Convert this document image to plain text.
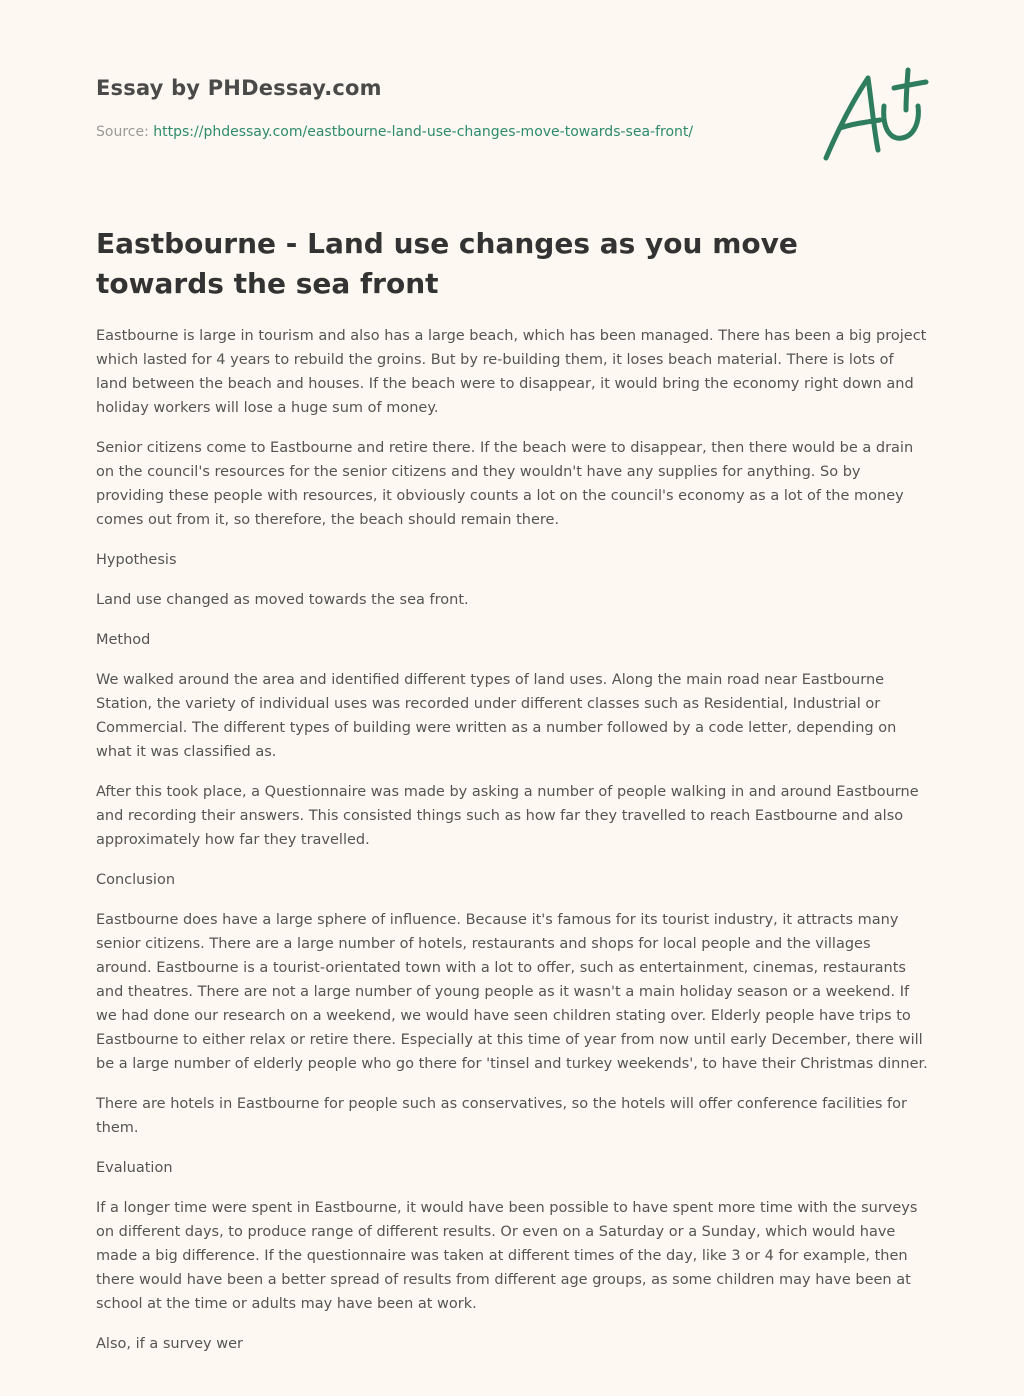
Essay by PHDessay.com

Source: https://phdessay.com/eastbourne-land-use-changes-move-towards-sea-front/

Eastbourne - Land use changes as you move towards the sea front

Eastbourne is large in tourism and also has a large beach, which has been managed. There has been a big project which lasted for 4 years to rebuild the groins. But by re-building them, it loses beach material. There is lots of land between the beach and houses. If the beach were to disappear, it would bring the economy right down and holiday workers will lose a huge sum of money.

Senior citizens come to Eastbourne and retire there. If the beach were to disappear, then there would be a drain on the council's resources for the senior citizens and they wouldn't have any supplies for anything. So by providing these people with resources, it obviously counts a lot on the council's economy as a lot of the money comes out from it, so therefore, the beach should remain there.

Hypothesis

Land use changed as moved towards the sea front.

Method

We walked around the area and identified different types of land uses. Along the main road near Eastbourne Station, the variety of individual uses was recorded under different classes such as Residential, Industrial or Commercial. The different types of building were written as a number followed by a code letter, depending on what it was classified as.

After this took place, a Questionnaire was made by asking a number of people walking in and around Eastbourne and recording their answers. This consisted things such as how far they travelled to reach Eastbourne and also approximately how far they travelled.

Conclusion

Eastbourne does have a large sphere of influence. Because it's famous for its tourist industry, it attracts many senior citizens. There are a large number of hotels, restaurants and shops for local people and the villages around. Eastbourne is a tourist-orientated town with a lot to offer, such as entertainment, cinemas, restaurants and theatres. There are not a large number of young people as it wasn't a main holiday season or a weekend. If we had done our research on a weekend, we would have seen children stating over. Elderly people have trips to Eastbourne to either relax or retire there. Especially at this time of year from now until early December, there will be a large number of elderly people who go there for 'tinsel and turkey weekends', to have their Christmas dinner.

There are hotels in Eastbourne for people such as conservatives, so the hotels will offer conference facilities for them.

Evaluation

If a longer time were spent in Eastbourne, it would have been possible to have spent more time with the surveys on different days, to produce range of different results. Or even on a Saturday or a Sunday, which would have made a big difference. If the questionnaire was taken at different times of the day, like 3 or 4 for example, then there would have been a better spread of results from different age groups, as some children may have been at school at the time or adults may have been at work.

Also, if a survey wer
